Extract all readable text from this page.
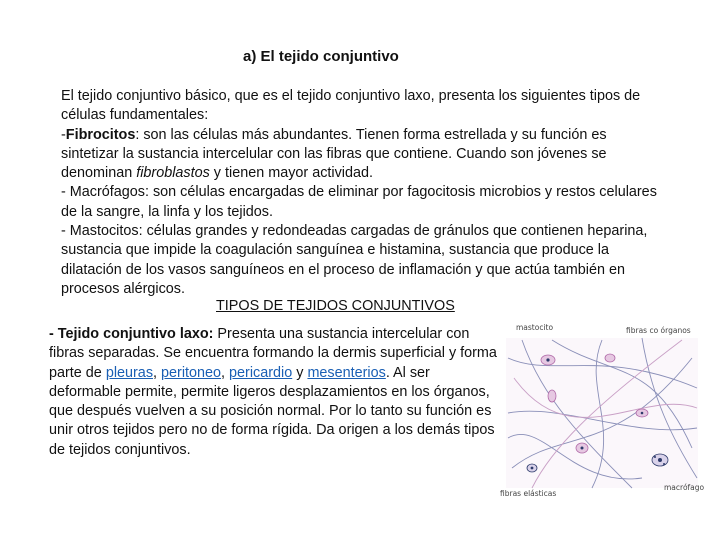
a) El tejido conjuntivo

El tejido conjuntivo básico, que es el tejido conjuntivo laxo, presenta los siguientes tipos de células fundamentales:

-Fibrocitos: son las células más abundantes. Tienen forma estrellada y su función es sintetizar la sustancia intercelular con las fibras que contiene. Cuando son jóvenes se denominan fibroblastos y tienen mayor actividad.

- Macrófagos: son células encargadas de eliminar por fagocitosis microbios y restos celulares de la sangre, la linfa y los tejidos.

- Mastocitos: células grandes y redondeadas cargadas de gránulos que contienen heparina, sustancia que impide la coagulación sanguínea e histamina, sustancia que produce la dilatación de los vasos sanguíneos en el proceso de inflamación y que actúa también en procesos alérgicos.

TIPOS DE TEJIDOS CONJUNTIVOS
- Tejido conjuntivo laxo: Presenta una sustancia intercelular con fibras separadas. Se encuentra formando la dermis superficial y forma parte de pleuras, peritoneo, pericardio y mesenterios. Al ser deformable permite, permite ligeros desplazamientos en los órganos, que después vuelven a su posición normal. Por lo tanto su función es unir otros tejidos pero no de forma rígida. Da origen a los demás tipos de tejidos conjuntivos.
mastocito	fibras co órganos
fibras elásticas
macrófago
